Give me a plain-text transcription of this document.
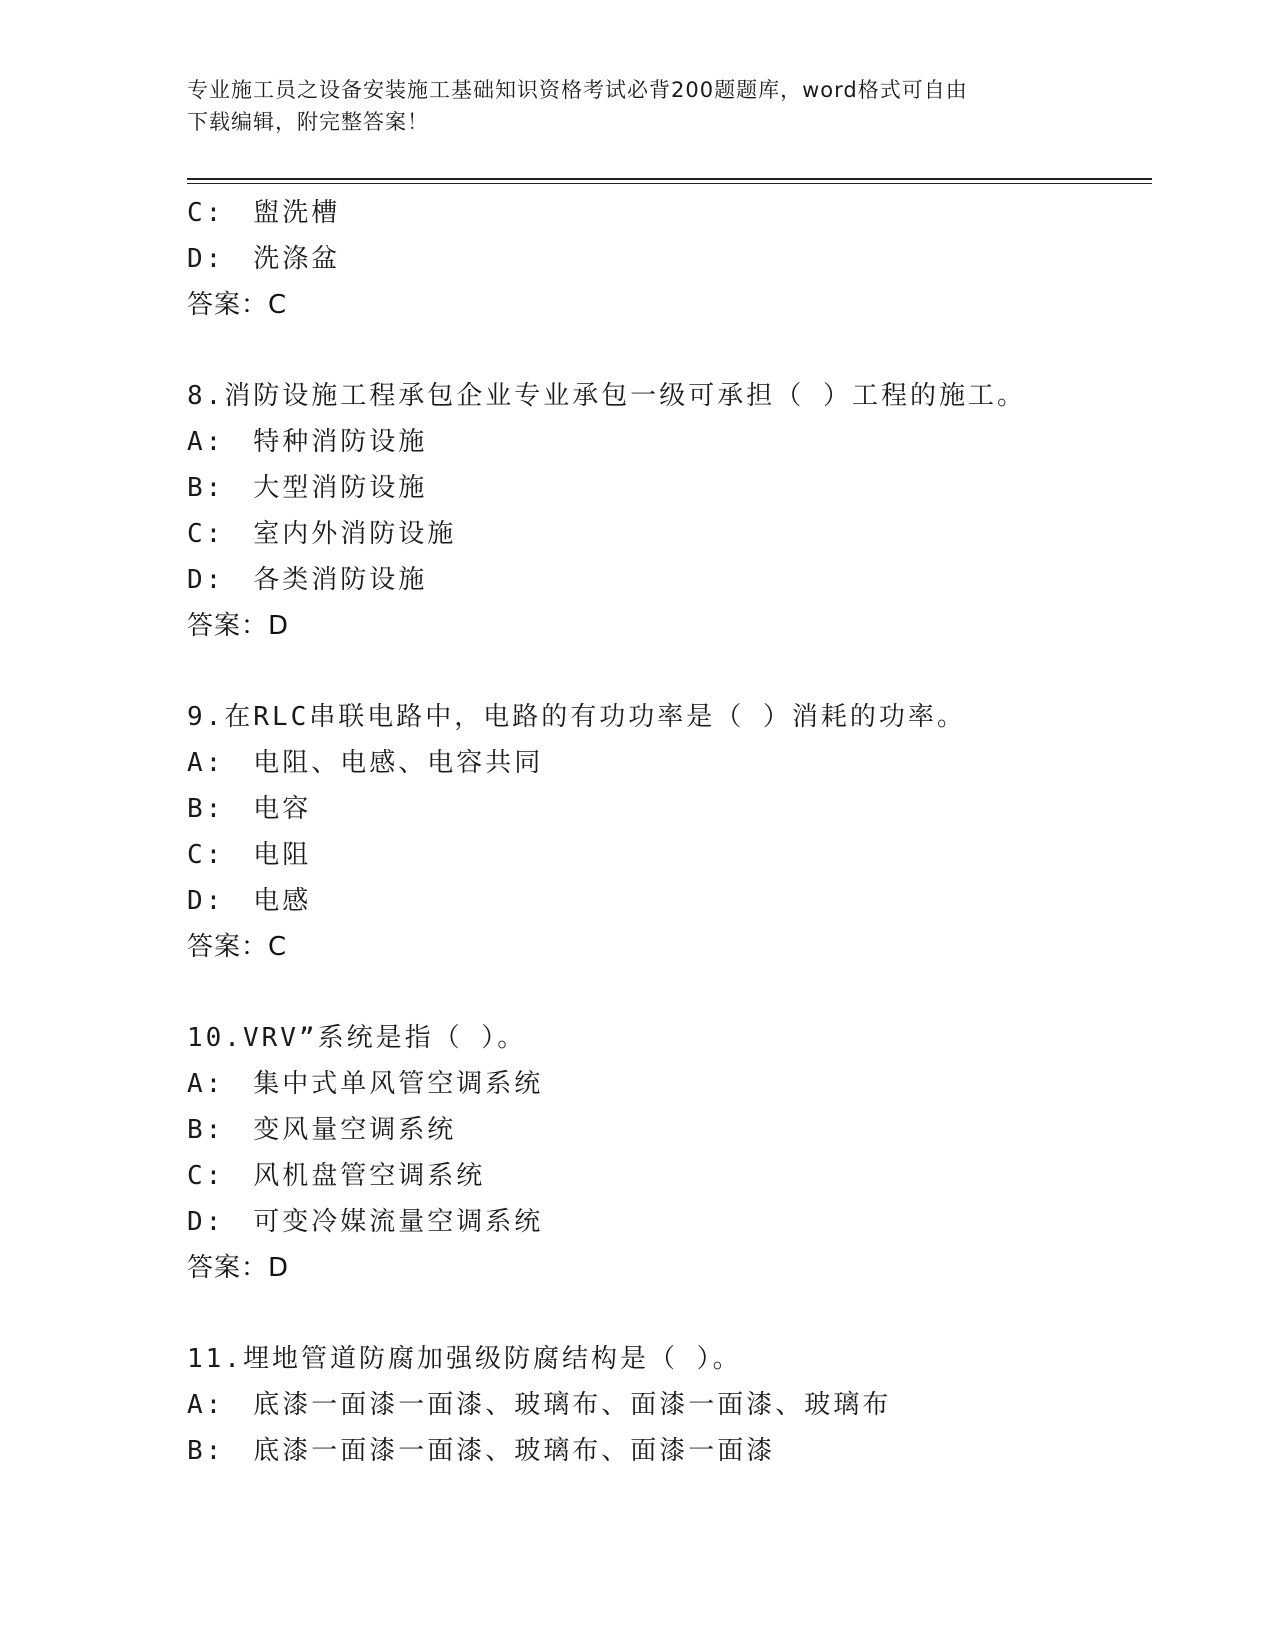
专业施工员之设备安装施工基础知识资格考试必背200题题库，word格式可自由
下载编辑，附完整答案！
C:　盥洗槽
D:　洗涤盆
答案：C
8.消防设施工程承包企业专业承包一级可承担（ ）工程的施工。
A:　特种消防设施
B:　大型消防设施
C:　室内外消防设施
D:　各类消防设施
答案：D
9.在RLC串联电路中，电路的有功功率是（ ）消耗的功率。
A:　电阻、电感、电容共同
B:　电容
C:　电阻
D:　电感
答案：C
10.VRV”系统是指（ ）。
A:　集中式单风管空调系统
B:　变风量空调系统
C:　风机盘管空调系统
D:　可变冷媒流量空调系统
答案：D
11.埋地管道防腐加强级防腐结构是（ ）。
A:　底漆一面漆一面漆、玻璃布、面漆一面漆、玻璃布
B:　底漆一面漆一面漆、玻璃布、面漆一面漆
